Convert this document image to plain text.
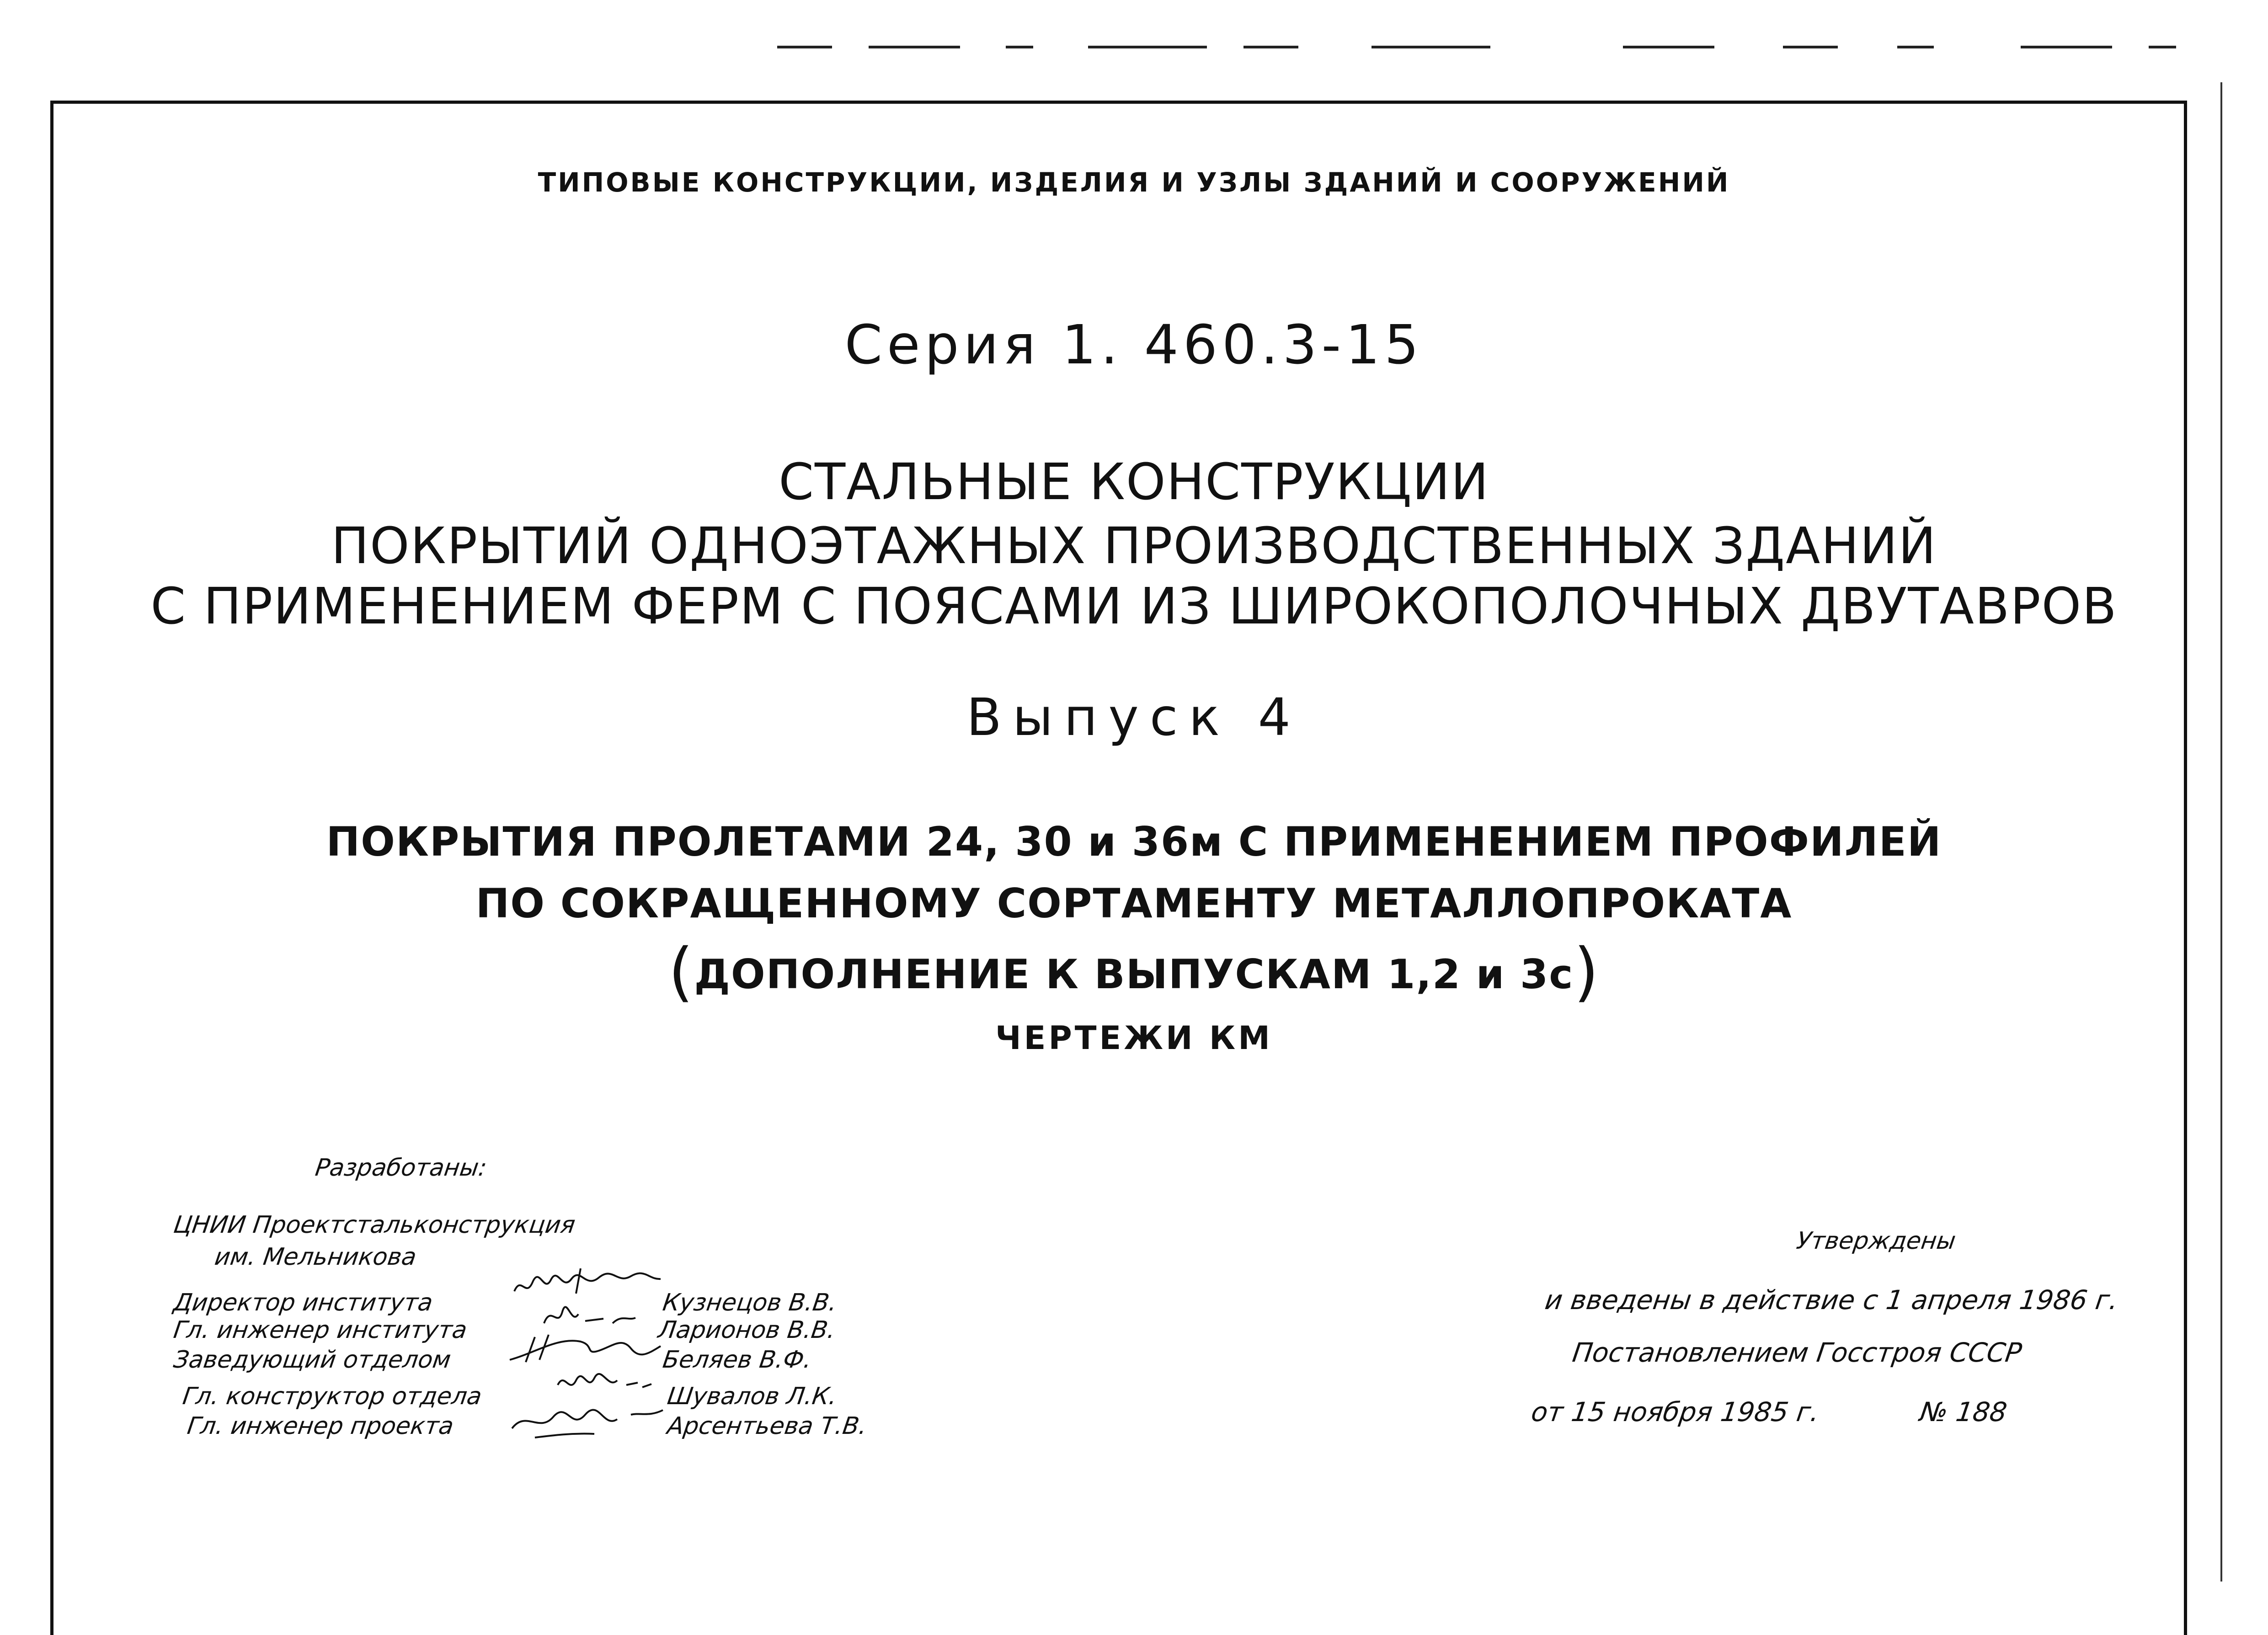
ТИПОВЫЕ КОНСТРУКЦИИ, ИЗДЕЛИЯ И УЗЛЫ ЗДАНИЙ И СООРУЖЕНИЙ
Серия 1. 460.3-15
СТАЛЬНЫЕ КОНСТРУКЦИИ
ПОКРЫТИЙ ОДНОЭТАЖНЫХ ПРОИЗВОДСТВЕННЫХ ЗДАНИЙ
С ПРИМЕНЕНИЕМ ФЕРМ С ПОЯСАМИ ИЗ ШИРОКОПОЛОЧНЫХ ДВУТАВРОВ
Выпуск 4
ПОКРЫТИЯ ПРОЛЕТАМИ 24, 30 и 36м С ПРИМЕНЕНИЕМ ПРОФИЛЕЙ
ПО СОКРАЩЕННОМУ СОРТАМЕНТУ МЕТАЛЛОПРОКАТА
(ДОПОЛНЕНИЕ К ВЫПУСКАМ 1,2 и 3с)
ЧЕРТЕЖИ КМ
Разработаны:
ЦНИИ Проектстальконструкция
им. Мельникова
Директор института	Кузнецов В.В.
Гл. инженер института	Ларионов В.В.
Заведующий отделом	Беляев В.Ф.
Гл. конструктор отдела	Шувалов Л.К.
Гл. инженер проекта	Арсентьева Т.В.
Утверждены
и введены в действие с 1 апреля 1986 г.
Постановлением Госстроя СССР
от 15 ноября 1985 г.	№ 188
